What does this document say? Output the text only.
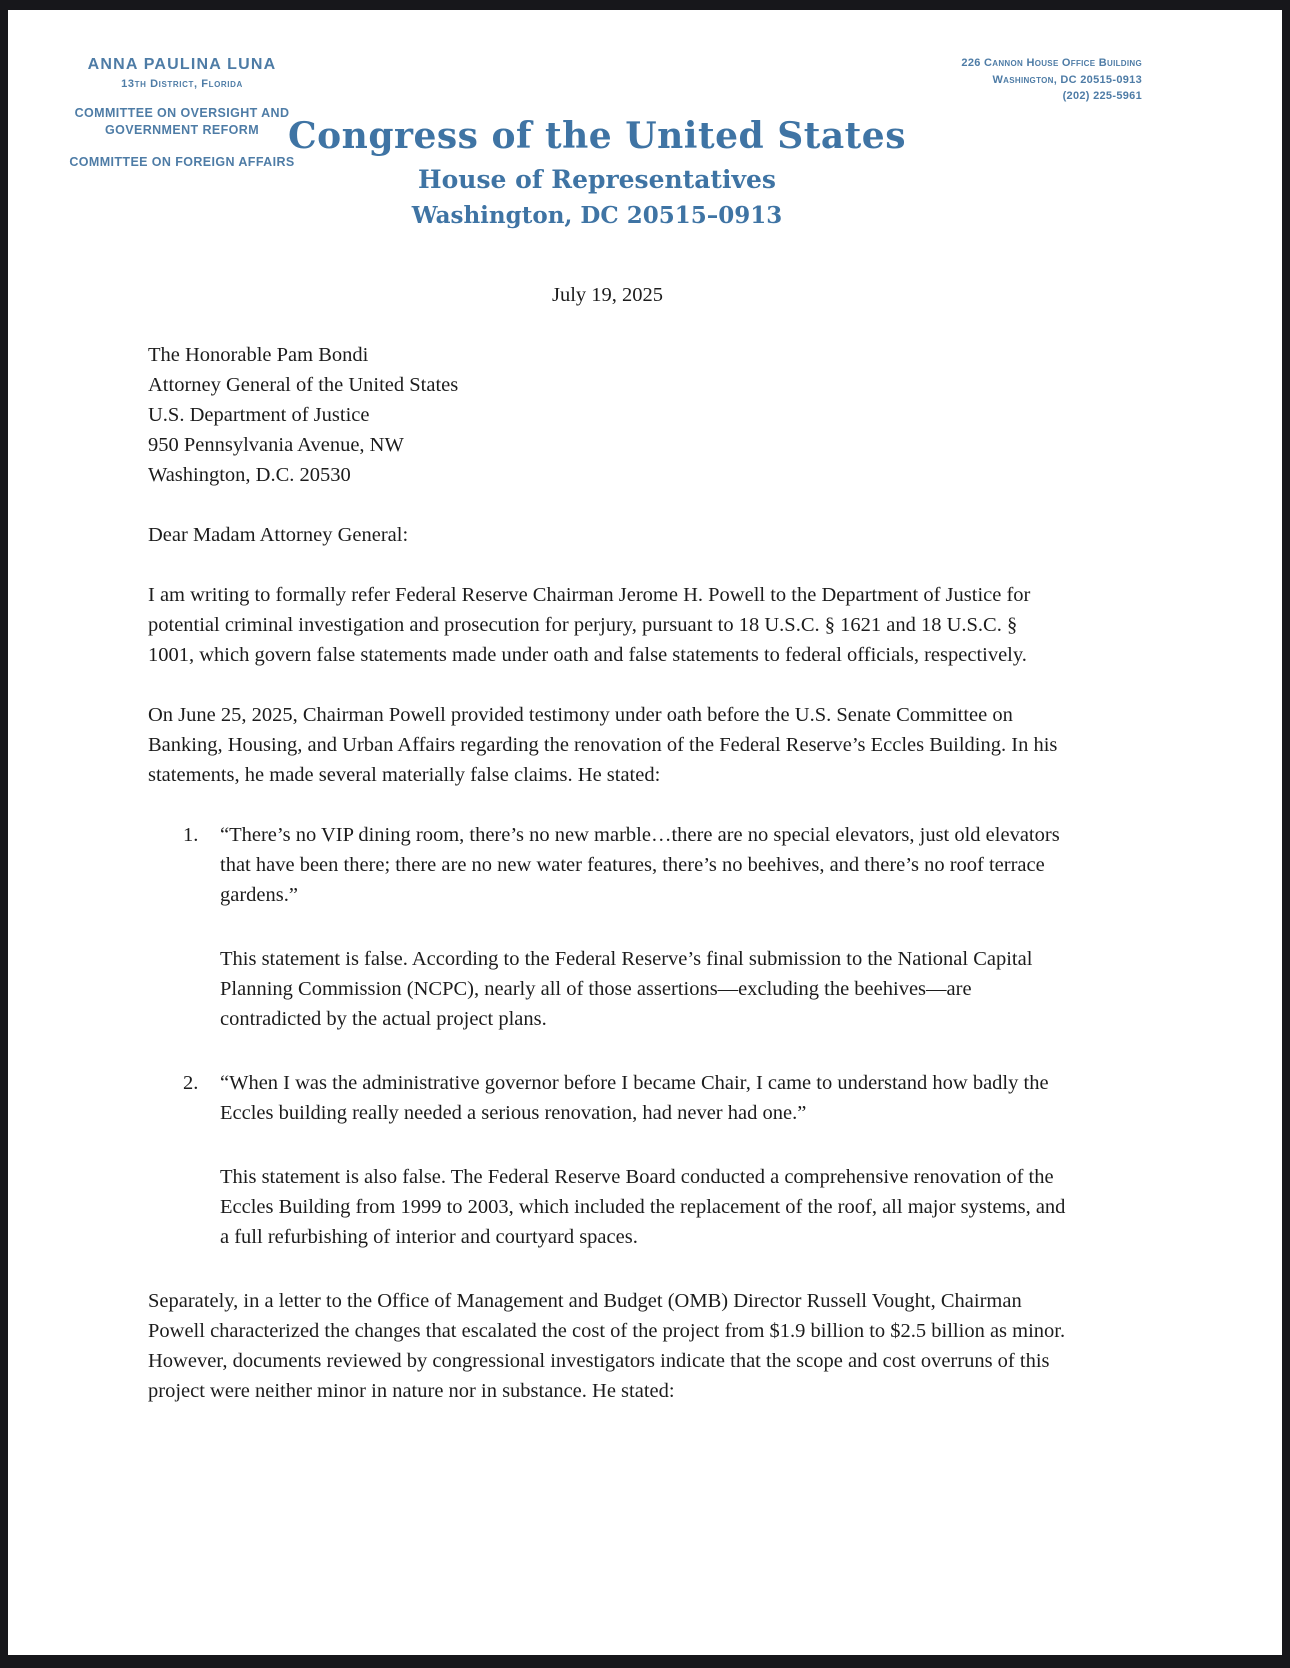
ANNA PAULINA LUNA
13th District, Florida
COMMITTEE ON OVERSIGHT AND GOVERNMENT REFORM
COMMITTEE ON FOREIGN AFFAIRS
Congress of the United States
House of Representatives
Washington, DC 20515–0913
226 Cannon House Office Building
Washington, DC 20515-0913
(202) 225-5961
July 19, 2025
The Honorable Pam Bondi
Attorney General of the United States
U.S. Department of Justice
950 Pennsylvania Avenue, NW
Washington, D.C. 20530
Dear Madam Attorney General:

I am writing to formally refer Federal Reserve Chairman Jerome H. Powell to the Department of Justice for potential criminal investigation and prosecution for perjury, pursuant to 18 U.S.C. § 1621 and 18 U.S.C. § 1001, which govern false statements made under oath and false statements to federal officials, respectively.

On June 25, 2025, Chairman Powell provided testimony under oath before the U.S. Senate Committee on Banking, Housing, and Urban Affairs regarding the renovation of the Federal Reserve’s Eccles Building. In his statements, he made several materially false claims. He stated:

1.	“There’s no VIP dining room, there’s no new marble…there are no special elevators, just old elevators that have been there; there are no new water features, there’s no beehives, and there’s no roof terrace gardens.”

This statement is false. According to the Federal Reserve’s final submission to the National Capital Planning Commission (NCPC), nearly all of those assertions—excluding the beehives—are contradicted by the actual project plans.

2.	“When I was the administrative governor before I became Chair, I came to understand how badly the Eccles building really needed a serious renovation, had never had one.”

This statement is also false. The Federal Reserve Board conducted a comprehensive renovation of the Eccles Building from 1999 to 2003, which included the replacement of the roof, all major systems, and a full refurbishing of interior and courtyard spaces.

Separately, in a letter to the Office of Management and Budget (OMB) Director Russell Vought, Chairman Powell characterized the changes that escalated the cost of the project from $1.9 billion to $2.5 billion as minor. However, documents reviewed by congressional investigators indicate that the scope and cost overruns of this project were neither minor in nature nor in substance. He stated:
